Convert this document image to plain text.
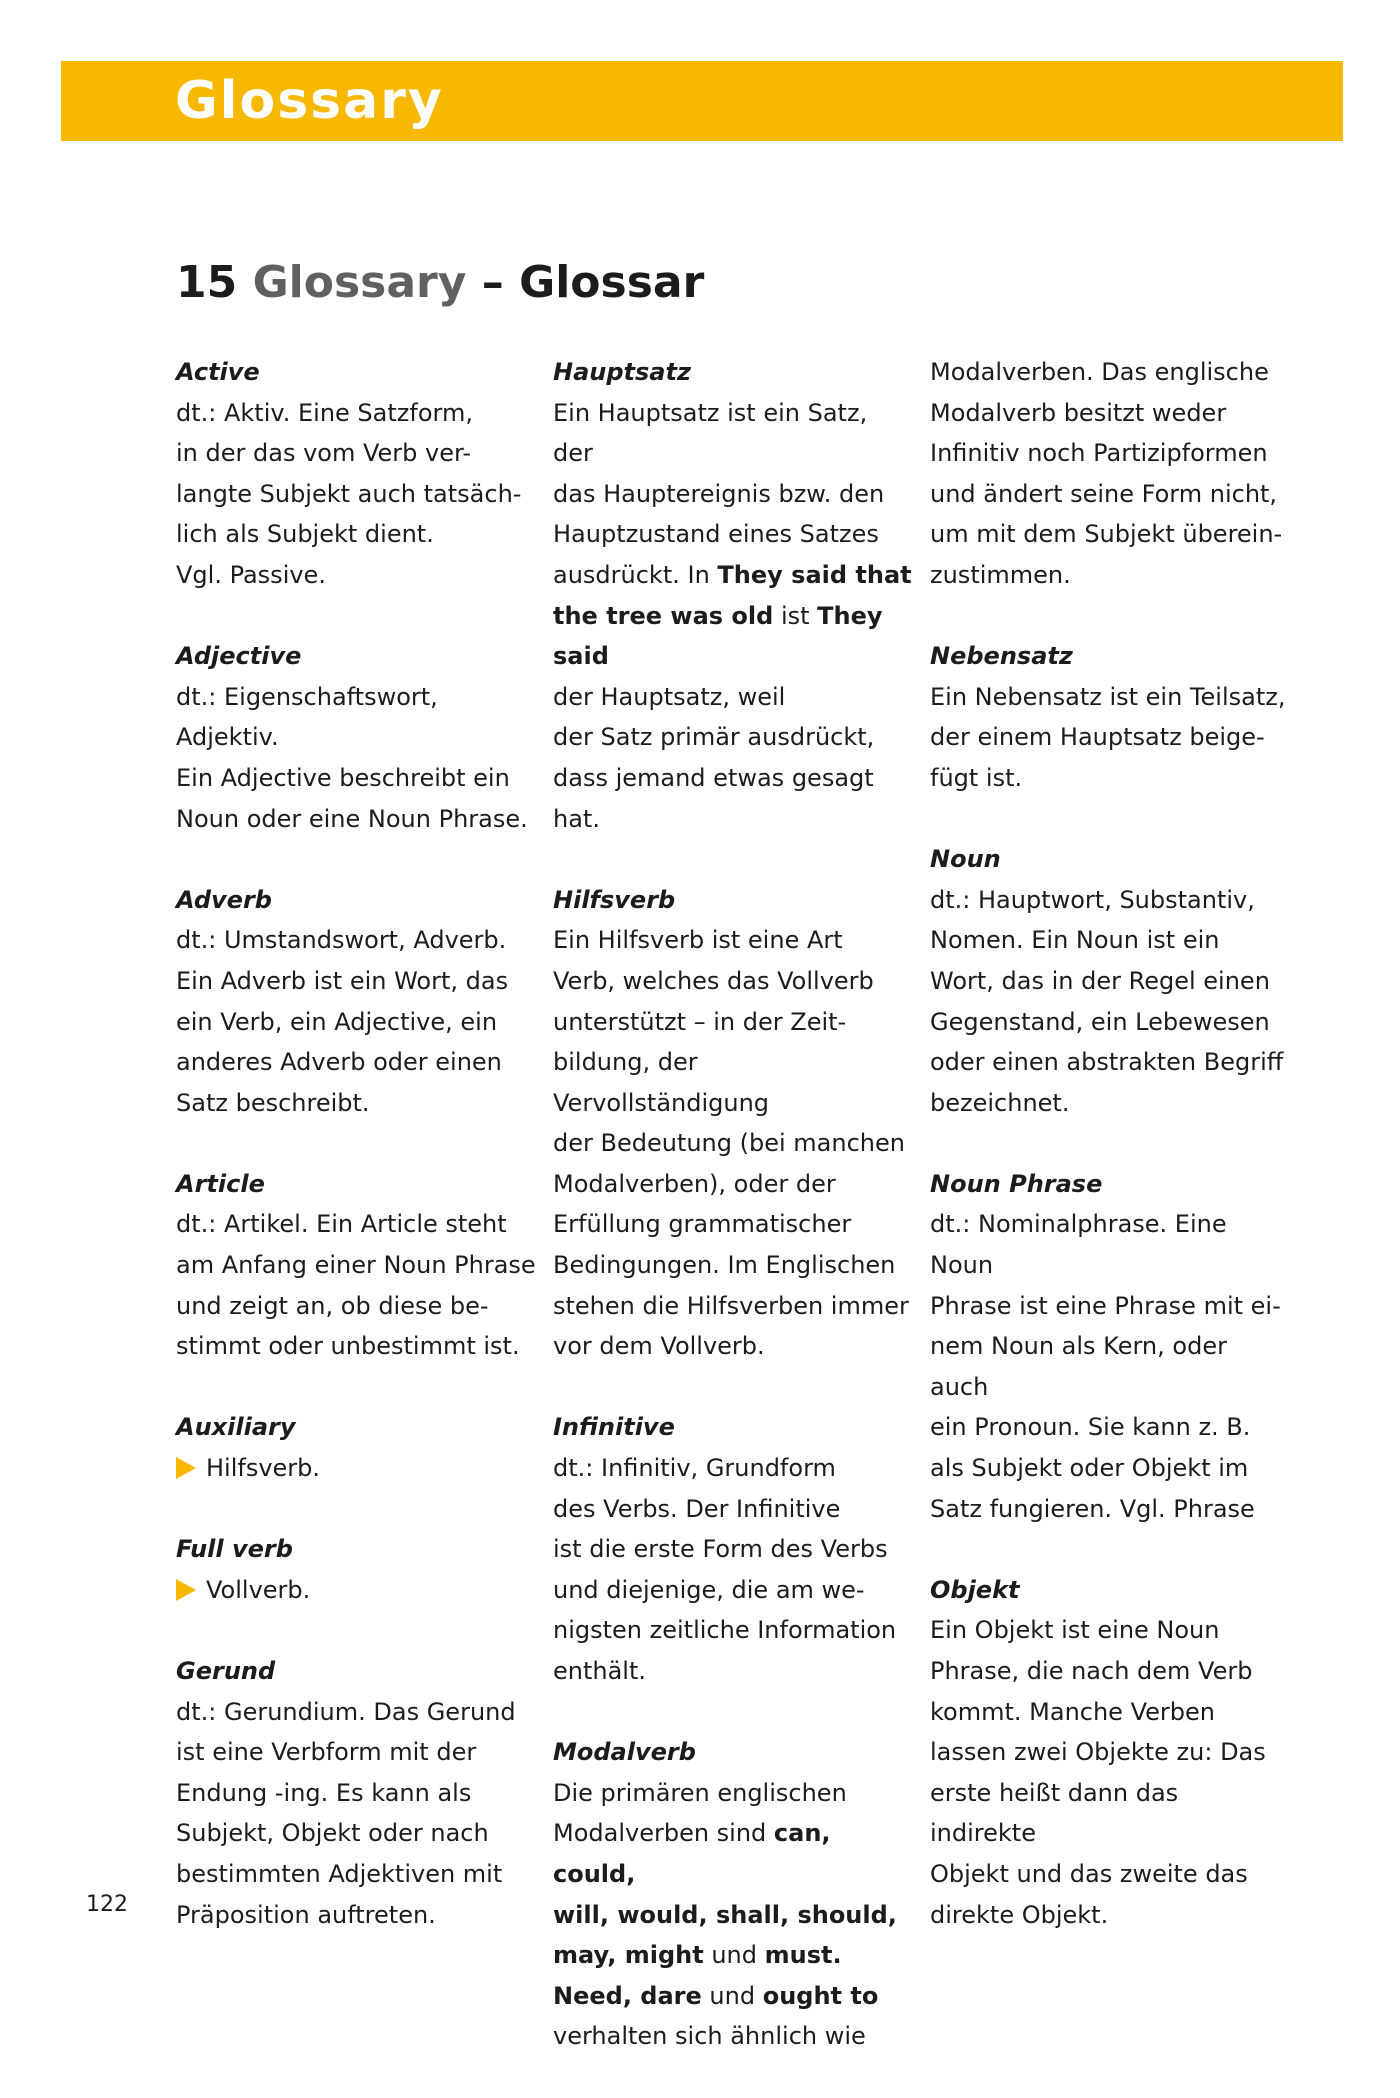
Glossary
15 Glossary – Glossar
Active
dt.: Aktiv. Eine Satzform,
in der das vom Verb ver-
langte Subjekt auch tatsäch-
lich als Subjekt dient.
Vgl. Passive.
Adjective
dt.: Eigenschaftswort, Adjektiv.
Ein Adjective beschreibt ein
Noun oder eine Noun Phrase.
Adverb
dt.: Umstandswort, Adverb.
Ein Adverb ist ein Wort, das
ein Verb, ein Adjective, ein
anderes Adverb oder einen
Satz beschreibt.
Article
dt.: Artikel. Ein Article steht
am Anfang einer Noun Phrase
und zeigt an, ob diese be-
stimmt oder unbestimmt ist.
Auxiliary
Hilfsverb.
Full verb
Vollverb.
Gerund
dt.: Gerundium. Das Gerund
ist eine Verbform mit der
Endung -ing. Es kann als
Subjekt, Objekt oder nach
bestimmten Adjektiven mit
Präposition auftreten.
Hauptsatz
Ein Hauptsatz ist ein Satz, der
das Hauptereignis bzw. den
Hauptzustand eines Satzes
ausdrückt. In They said that
the tree was old ist They said
der Hauptsatz, weil
der Satz primär ausdrückt,
dass jemand etwas gesagt
hat.
Hilfsverb
Ein Hilfsverb ist eine Art
Verb, welches das Vollverb
unterstützt – in der Zeit-
bildung, der Vervollständigung
der Bedeutung (bei manchen
Modalverben), oder der
Erfüllung grammatischer
Bedingungen. Im Englischen
stehen die Hilfsverben immer
vor dem Vollverb.
Infinitive
dt.: Infinitiv, Grundform
des Verbs. Der Infinitive
ist die erste Form des Verbs
und diejenige, die am we-
nigsten zeitliche Information
enthält.
Modalverb
Die primären englischen
Modalverben sind can, could,
will, would, shall, should,
may, might und must.
Need, dare und ought to
verhalten sich ähnlich wie
Modalverben. Das englische
Modalverb besitzt weder
Infinitiv noch Partizipformen
und ändert seine Form nicht,
um mit dem Subjekt überein-
zustimmen.
Nebensatz
Ein Nebensatz ist ein Teilsatz,
der einem Hauptsatz beige-
fügt ist.
Noun
dt.: Hauptwort, Substantiv,
Nomen. Ein Noun ist ein
Wort, das in der Regel einen
Gegenstand, ein Lebewesen
oder einen abstrakten Begriff
bezeichnet.
Noun Phrase
dt.: Nominalphrase. Eine Noun
Phrase ist eine Phrase mit ei-
nem Noun als Kern, oder auch
ein Pronoun. Sie kann z. B.
als Subjekt oder Objekt im
Satz fungieren. Vgl. Phrase
Objekt
Ein Objekt ist eine Noun
Phrase, die nach dem Verb
kommt. Manche Verben
lassen zwei Objekte zu: Das
erste heißt dann das indirekte
Objekt und das zweite das
direkte Objekt.
122
